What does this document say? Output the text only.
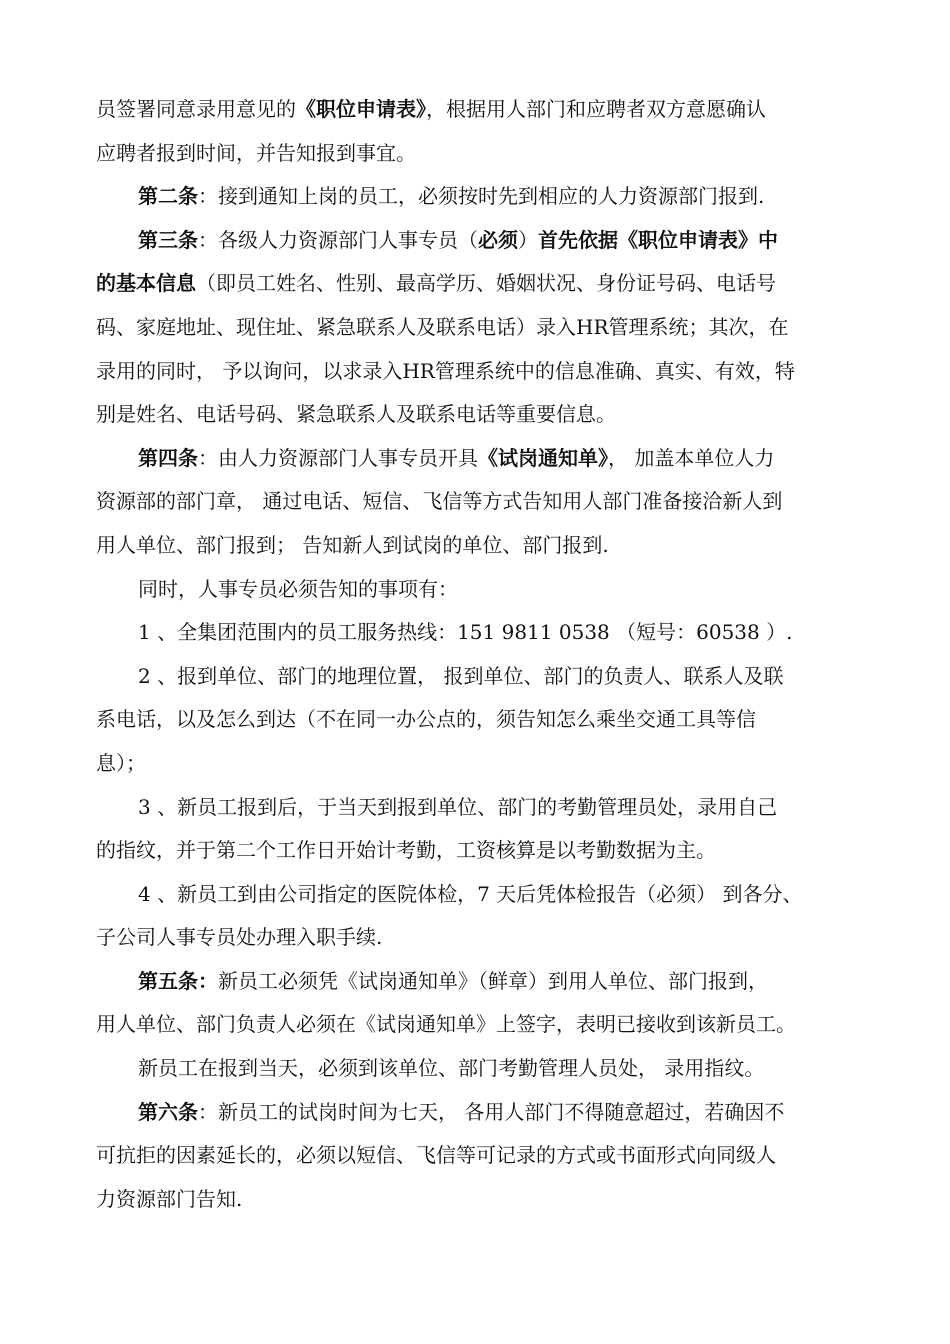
员签署同意录用意见的《职位申请表》，根据用人部门和应聘者双方意愿确认
应聘者报到时间，并告知报到事宜。
第二条：接到通知上岗的员工，必须按时先到相应的人力资源部门报到.
第三条：各级人力资源部门人事专员（必须）首先依据《职位申请表》中
的基本信息（即员工姓名、性别、最高学历、婚姻状况、身份证号码、电话号
码、家庭地址、现住址、紧急联系人及联系电话）录入HR管理系统；其次，在
录用的同时， 予以询问，以求录入HR管理系统中的信息准确、真实、有效，特
别是姓名、电话号码、紧急联系人及联系电话等重要信息。
第四条：由人力资源部门人事专员开具《试岗通知单》， 加盖本单位人力
资源部的部门章， 通过电话、短信、飞信等方式告知用人部门准备接洽新人到
用人单位、部门报到； 告知新人到试岗的单位、部门报到.
同时，人事专员必须告知的事项有：
1 、全集团范围内的员工服务热线：151 9811 0538 （短号：60538 ）.
2 、报到单位、部门的地理位置， 报到单位、部门的负责人、联系人及联
系电话，以及怎么到达（不在同一办公点的，须告知怎么乘坐交通工具等信
息）；
3 、新员工报到后，于当天到报到单位、部门的考勤管理员处，录用自己
的指纹，并于第二个工作日开始计考勤，工资核算是以考勤数据为主。
4 、新员工到由公司指定的医院体检，7 天后凭体检报告（必须） 到各分、
子公司人事专员处办理入职手续.
第五条：新员工必须凭《试岗通知单》（鲜章）到用人单位、部门报到，
用人单位、部门负责人必须在《试岗通知单》上签字，表明已接收到该新员工。
新员工在报到当天，必须到该单位、部门考勤管理人员处， 录用指纹。
第六条：新员工的试岗时间为七天， 各用人部门不得随意超过，若确因不
可抗拒的因素延长的，必须以短信、飞信等可记录的方式或书面形式向同级人
力资源部门告知.
